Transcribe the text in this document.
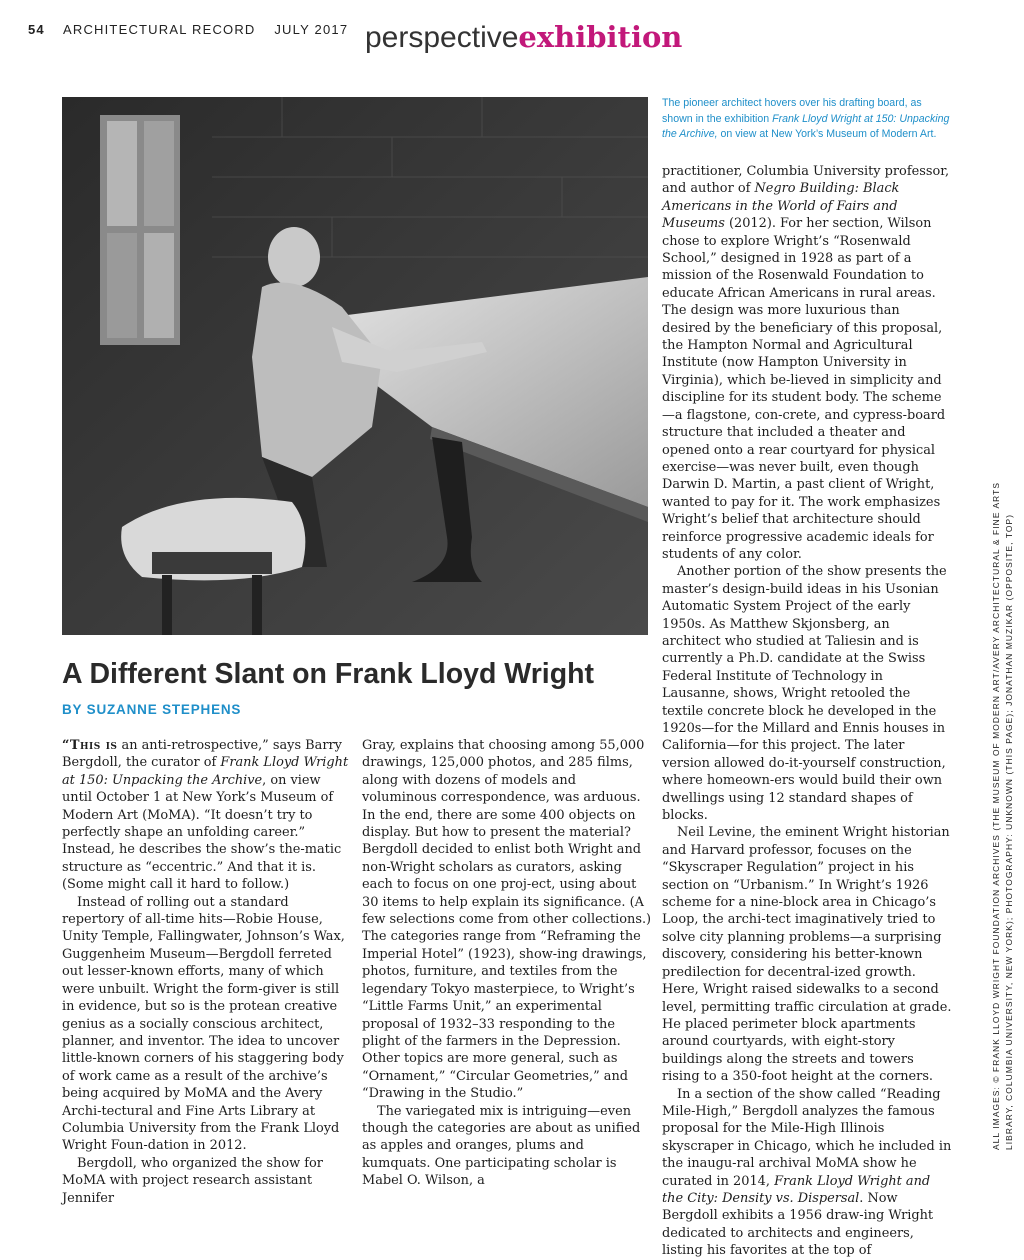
54 ARCHITECTURAL RECORD JULY 2017 perspectiveexhibition
The pioneer architect hovers over his drafting board, as shown in the exhibition Frank Lloyd Wright at 150: Unpacking the Archive, on view at New York’s Museum of Modern Art.
A Different Slant on Frank Lloyd Wright
BY SUZANNE STEPHENS

“This is an anti-retrospective,” says Barry Bergdoll, the curator of Frank Lloyd Wright at 150: Unpacking the Archive, on view until October 1 at New York’s Museum of Modern Art (MoMA). “It doesn’t try to perfectly shape an unfolding career.” Instead, he describes the show’s the-matic structure as “eccentric.” And that it is. (Some might call it hard to follow.)

Instead of rolling out a standard repertory of all-time hits—Robie House, Unity Temple, Fallingwater, Johnson’s Wax, Guggenheim Museum—Bergdoll ferreted out lesser-known efforts, many of which were unbuilt. Wright the form-giver is still in evidence, but so is the protean creative genius as a socially conscious architect, planner, and inventor. The idea to uncover little-known corners of his staggering body of work came as a result of the archive’s being acquired by MoMA and the Avery Archi-tectural and Fine Arts Library at Columbia University from the Frank Lloyd Wright Foun-dation in 2012.

Bergdoll, who organized the show for MoMA with project research assistant Jennifer

Gray, explains that choosing among 55,000 drawings, 125,000 photos, and 285 films, along with dozens of models and voluminous correspondence, was arduous. In the end, there are some 400 objects on display. But how to present the material? Bergdoll decided to enlist both Wright and non-Wright scholars as curators, asking each to focus on one proj-ect, using about 30 items to help explain its significance. (A few selections come from other collections.) The categories range from “Reframing the Imperial Hotel” (1923), show-ing drawings, photos, furniture, and textiles from the legendary Tokyo masterpiece, to Wright’s “Little Farms Unit,” an experimental proposal of 1932–33 responding to the plight of the farmers in the Depression. Other topics are more general, such as “Ornament,” “Circular Geometries,” and “Drawing in the Studio.”

The variegated mix is intriguing—even though the categories are about as unified as apples and oranges, plums and kumquats. One participating scholar is Mabel O. Wilson, a

practitioner, Columbia University professor, and author of Negro Building: Black Americans in the World of Fairs and Museums (2012). For her section, Wilson chose to explore Wright’s “Rosenwald School,” designed in 1928 as part of a mission of the Rosenwald Foundation to educate African Americans in rural areas. The design was more luxurious than desired by the beneficiary of this proposal, the Hampton Normal and Agricultural Institute (now Hampton University in Virginia), which be-lieved in simplicity and discipline for its student body. The scheme—a flagstone, con-crete, and cypress-board structure that included a theater and opened onto a rear courtyard for physical exercise—was never built, even though Darwin D. Martin, a past client of Wright, wanted to pay for it. The work emphasizes Wright’s belief that architecture should reinforce progressive academic ideals for students of any color.

Another portion of the show presents the master’s design-build ideas in his Usonian Automatic System Project of the early 1950s. As Matthew Skjonsberg, an architect who studied at Taliesin and is currently a Ph.D. candidate at the Swiss Federal Institute of Technology in Lausanne, shows, Wright retooled the textile concrete block he developed in the 1920s—for the Millard and Ennis houses in California—for this project. The later version allowed do-it-yourself construction, where homeown-ers would build their own dwellings using 12 standard shapes of blocks.

Neil Levine, the eminent Wright historian and Harvard professor, focuses on the “Skyscraper Regulation” project in his section on “Urbanism.” In Wright’s 1926 scheme for a nine-block area in Chicago’s Loop, the archi-tect imaginatively tried to solve city planning problems—a surprising discovery, considering his better-known predilection for decentral-ized growth. Here, Wright raised sidewalks to a second level, permitting traffic circulation at grade. He placed perimeter block apartments around courtyards, with eight-story buildings along the streets and towers rising to a 350-foot height at the corners.

In a section of the show called “Reading Mile-High,” Bergdoll analyzes the famous proposal for the Mile-High Illinois skyscraper in Chicago, which he included in the inaugu-ral archival MoMA show he curated in 2014, Frank Lloyd Wright and the City: Density vs. Dispersal. Now Bergdoll exhibits a 1956 draw-ing Wright dedicated to architects and engineers, listing his favorites at the top of

ALL IMAGES: © FRANK LLOYD WRIGHT FOUNDATION ARCHIVES (THE MUSEUM OF MODERN ART/AVERY ARCHITECTURAL & FINE ARTS LIBRARY, COLUMBIA UNIVERSITY, NEW YORK); PHOTOGRAPHY: UNKNOWN (THIS PAGE); JONATHAN MUZIKAR (OPPOSITE, TOP)
